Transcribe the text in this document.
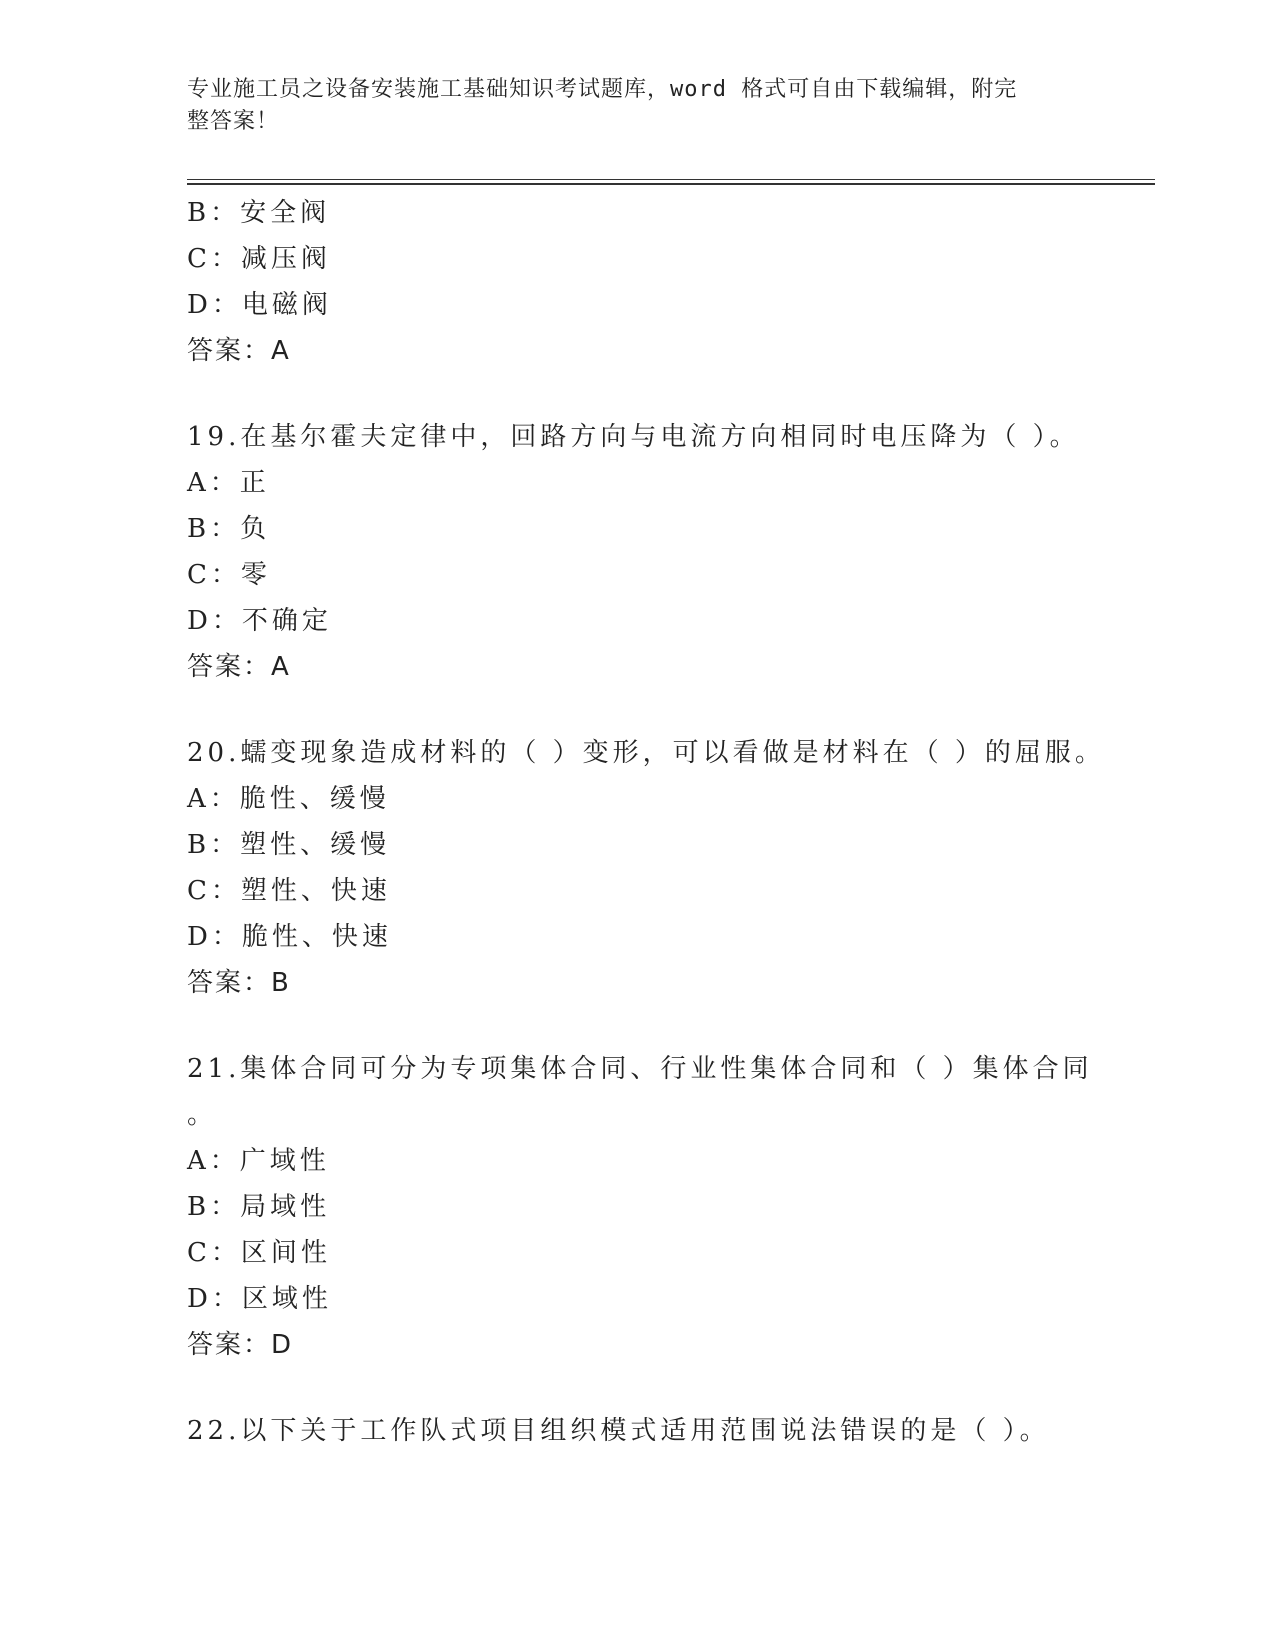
专业施工员之设备安装施工基础知识考试题库，word 格式可自由下载编辑，附完
整答案！
B：安全阀
C：减压阀
D：电磁阀
答案：A
19.在基尔霍夫定律中，回路方向与电流方向相同时电压降为（ ）。
A：正
B：负
C：零
D：不确定
答案：A
20.蠕变现象造成材料的（ ）变形，可以看做是材料在（ ）的屈服。
A：脆性、缓慢
B：塑性、缓慢
C：塑性、快速
D：脆性、快速
答案：B
21.集体合同可分为专项集体合同、行业性集体合同和（ ）集体合同
。
A：广域性
B：局域性
C：区间性
D：区域性
答案：D
22.以下关于工作队式项目组织模式适用范围说法错误的是（ ）。
